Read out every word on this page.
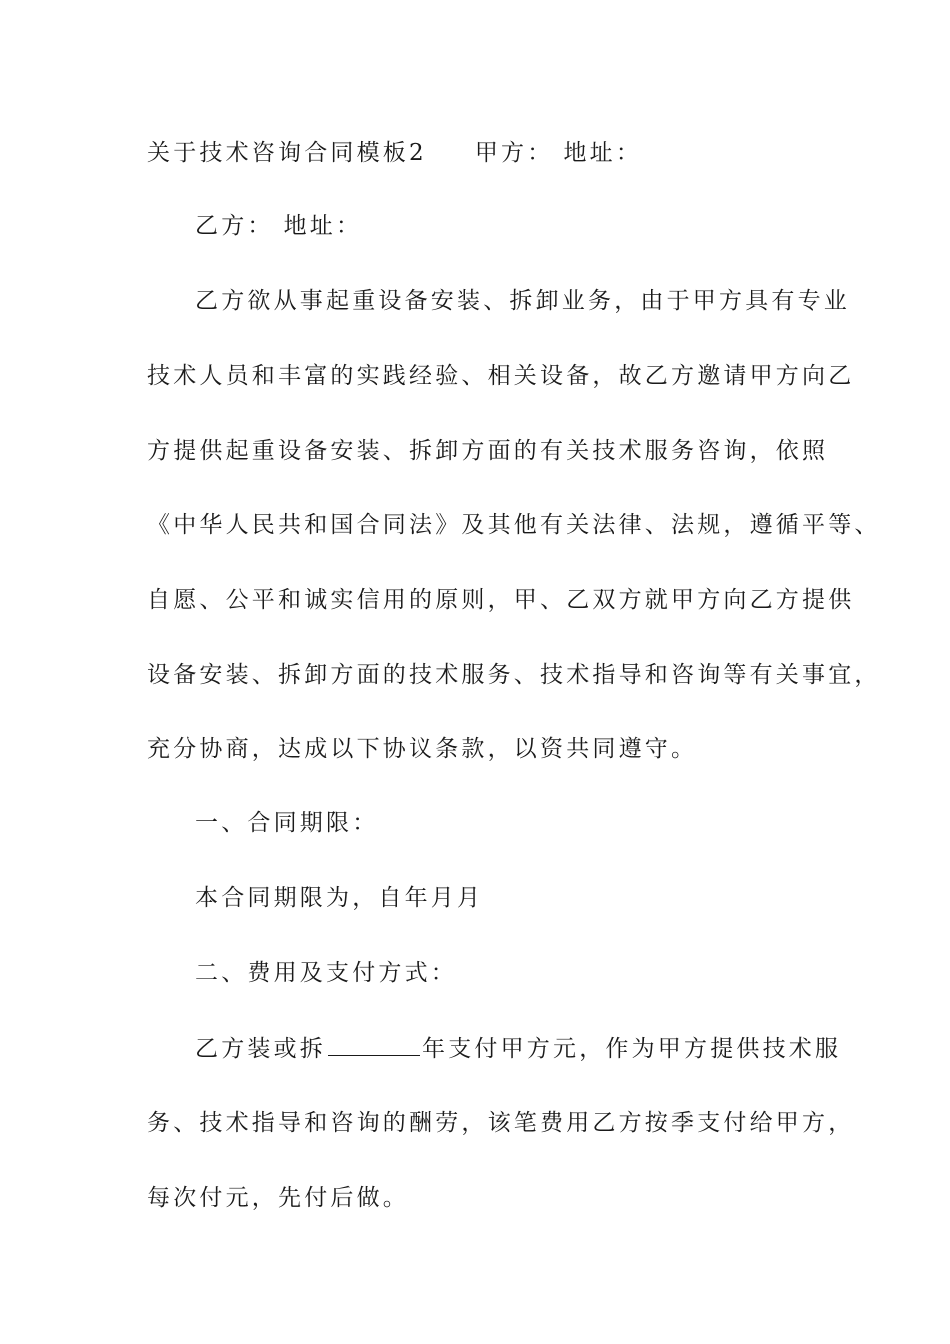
关于技术咨询合同模板2 甲方： 地址：
乙方： 地址：
乙方欲从事起重设备安装、拆卸业务，由于甲方具有专业
技术人员和丰富的实践经验、相关设备，故乙方邀请甲方向乙
方提供起重设备安装、拆卸方面的有关技术服务咨询，依照
《中华人民共和国合同法》及其他有关法律、法规，遵循平等、
自愿、公平和诚实信用的原则，甲、乙双方就甲方向乙方提供
设备安装、拆卸方面的技术服务、技术指导和咨询等有关事宜，
充分协商，达成以下协议条款，以资共同遵守。
一、合同期限：
本合同期限为，自年月月
二、费用及支付方式：
乙方装或拆	年支付甲方元，作为甲方提供技术服
务、技术指导和咨询的酬劳，该笔费用乙方按季支付给甲方，
每次付元，先付后做。
